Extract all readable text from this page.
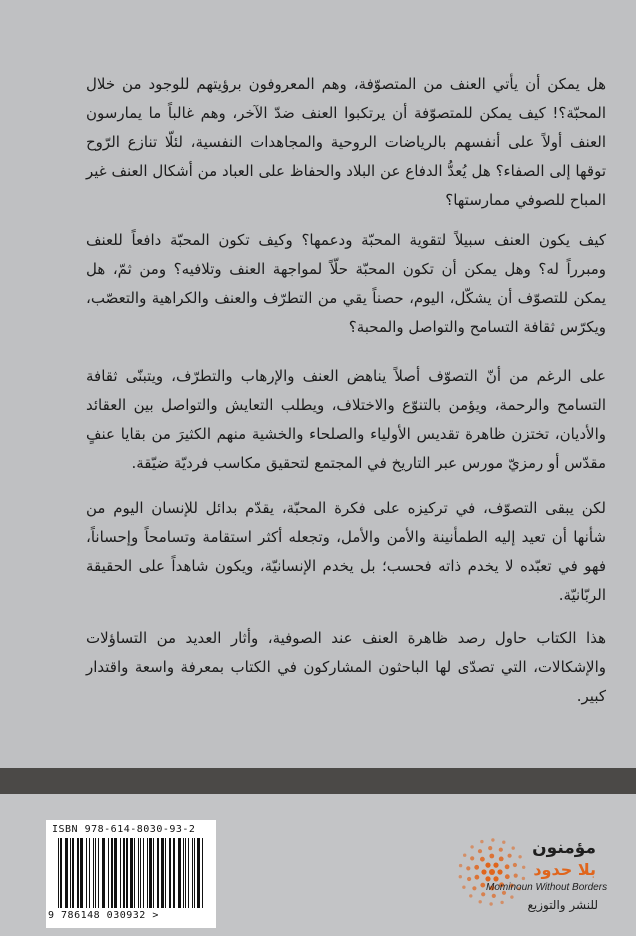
هل يمكن أن يأتي العنف من المتصوّفة، وهم المعروفون برؤيتهم للوجود من خلال المحبّة؟! كيف يمكن للمتصوّفة أن يرتكبوا العنف ضدّ الآخر، وهم غالباً ما يمارسون العنف أولاً على أنفسهم بالرياضات الروحية والمجاهدات النفسية، لئلّا تنازع الرّوح توقها إلى الصفاء؟ هل يُعدُّ الدفاع عن البلاد والحفاظ على العباد من أشكال العنف غير المباح للصوفي ممارستها؟

كيف يكون العنف سبيلاً لتقوية المحبّة ودعمها؟ وكيف تكون المحبّة دافعاً للعنف ومبرراً له؟ وهل يمكن أن تكون المحبّة حلّاً لمواجهة العنف وتلافيه؟ ومن ثمّ، هل يمكن للتصوّف أن يشكّل، اليوم، حصناً يقي من التطرّف والعنف والكراهية والتعصّب، ويكرّس ثقافة التسامح والتواصل والمحبة؟

على الرغم من أنّ التصوّف أصلاً يناهض العنف والإرهاب والتطرّف، ويتبنّى ثقافة التسامح والرحمة، ويؤمن بالتنوّع والاختلاف، ويطلب التعايش والتواصل بين العقائد والأديان، تختزن ظاهرة تقديس الأولياء والصلحاء والخشية منهم الكثيرَ من بقايا عنفٍ مقدّس أو رمزيّ مورس عبر التاريخ في المجتمع لتحقيق مكاسب فرديّة ضيّقة.

لكن يبقى التصوّف، في تركيزه على فكرة المحبّة، يقدّم بدائل للإنسان اليوم من شأنها أن تعيد إليه الطمأنينة والأمن والأمل، وتجعله أكثر استقامة وتسامحاً وإحساناً، فهو في تعبّده لا يخدم ذاته فحسب؛ بل يخدم الإنسانيّة، ويكون شاهداً على الحقيقة الربّانيّة.

هذا الكتاب حاول رصد ظاهرة العنف عند الصوفية، وأثار العديد من التساؤلات والإشكالات، التي تصدّى لها الباحثون المشاركون في الكتاب بمعرفة واسعة واقتدار كبير.

ISBN 978-614-8030-93-2
9 786148 030932 >
مؤمنون
بلا حدود
Mominoun Without Borders
للنشر والتوزيع
